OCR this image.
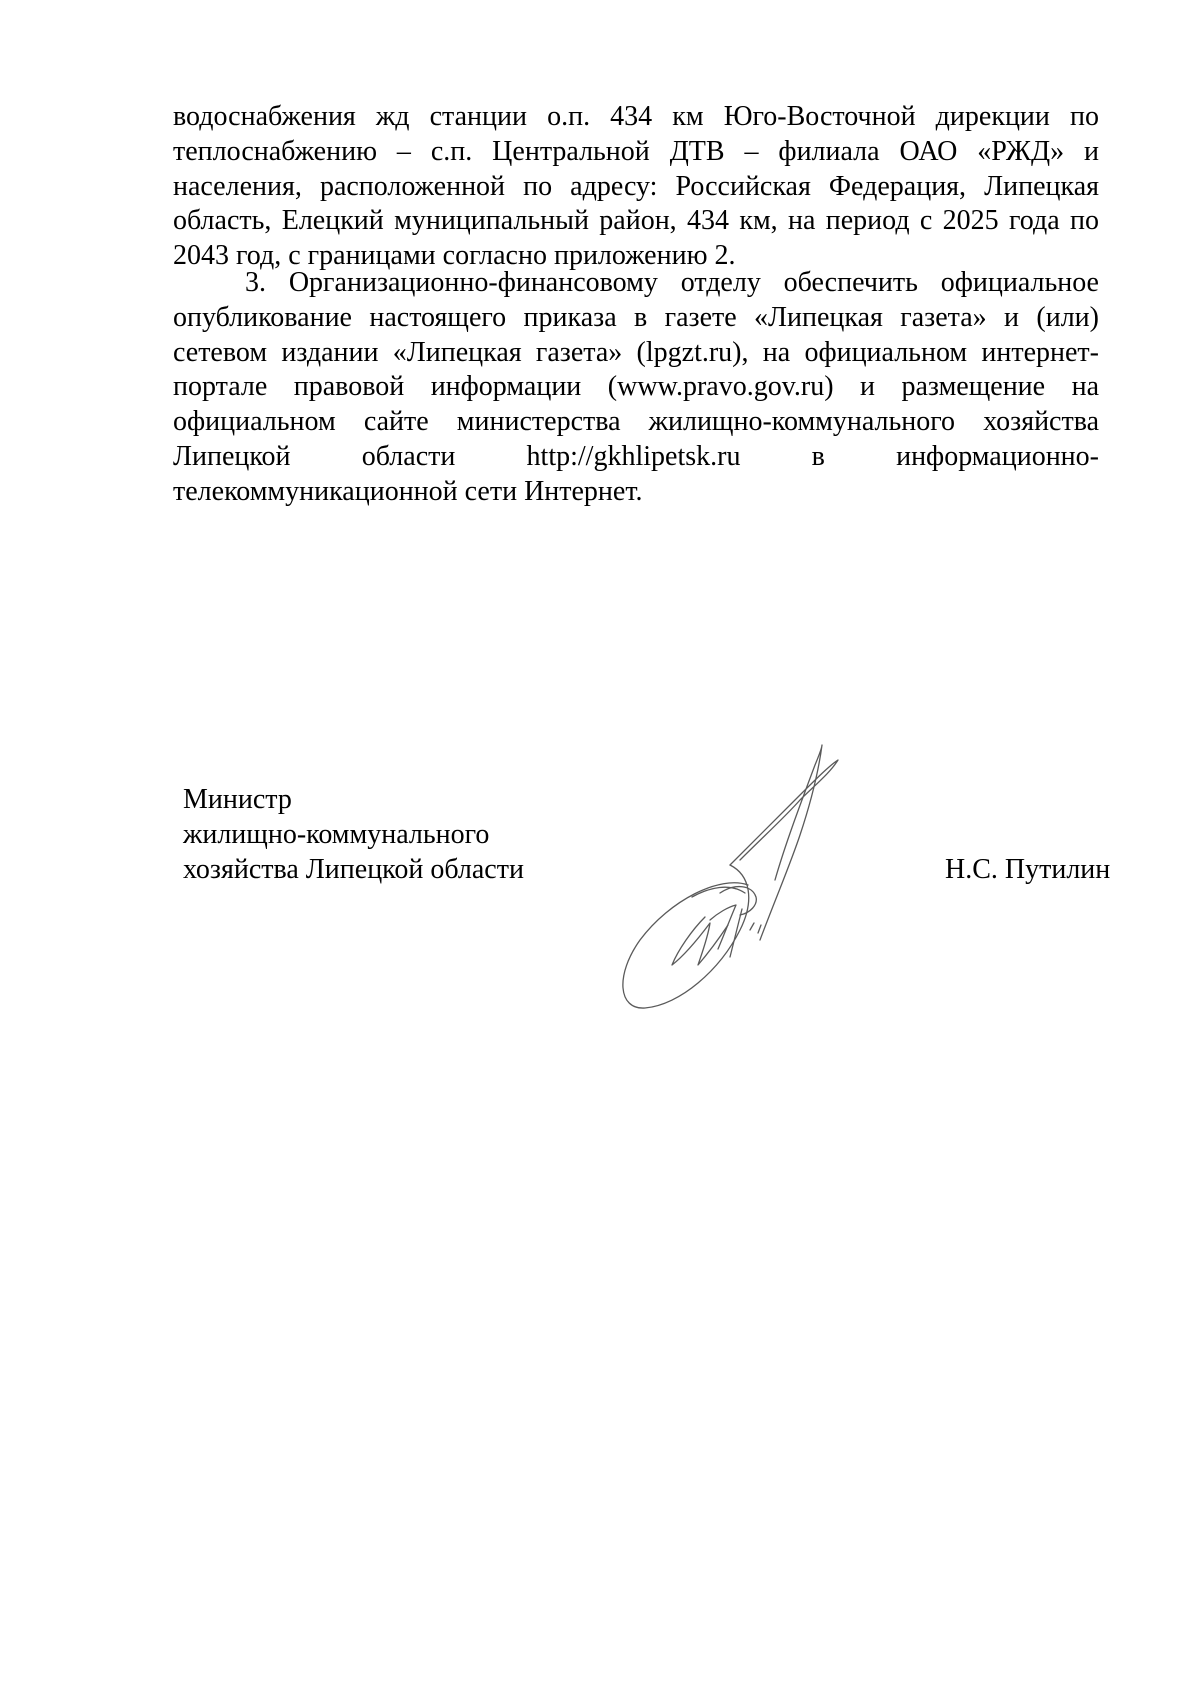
водоснабжения жд станции о.п. 434 км Юго-Восточной дирекции по теплоснабжению – с.п. Центральной ДТВ – филиала ОАО «РЖД» и населения, расположенной по адресу: Российская Федерация, Липецкая область, Елецкий муниципальный район, 434 км, на период с 2025 года по 2043 год, с границами согласно приложению 2.

3. Организационно-финансовому отделу обеспечить официальное опубликование настоящего приказа в газете «Липецкая газета» и (или) сетевом издании «Липецкая газета» (lpgzt.ru), на официальном интернет-портале правовой информации (www.pravo.gov.ru) и размещение на официальном сайте министерства жилищно-коммунального хозяйства Липецкой области http://gkhlipetsk.ru в информационно-телекоммуникационной сети Интернет.

Министр
жилищно-коммунального
хозяйства Липецкой области	Н.С. Путилин
